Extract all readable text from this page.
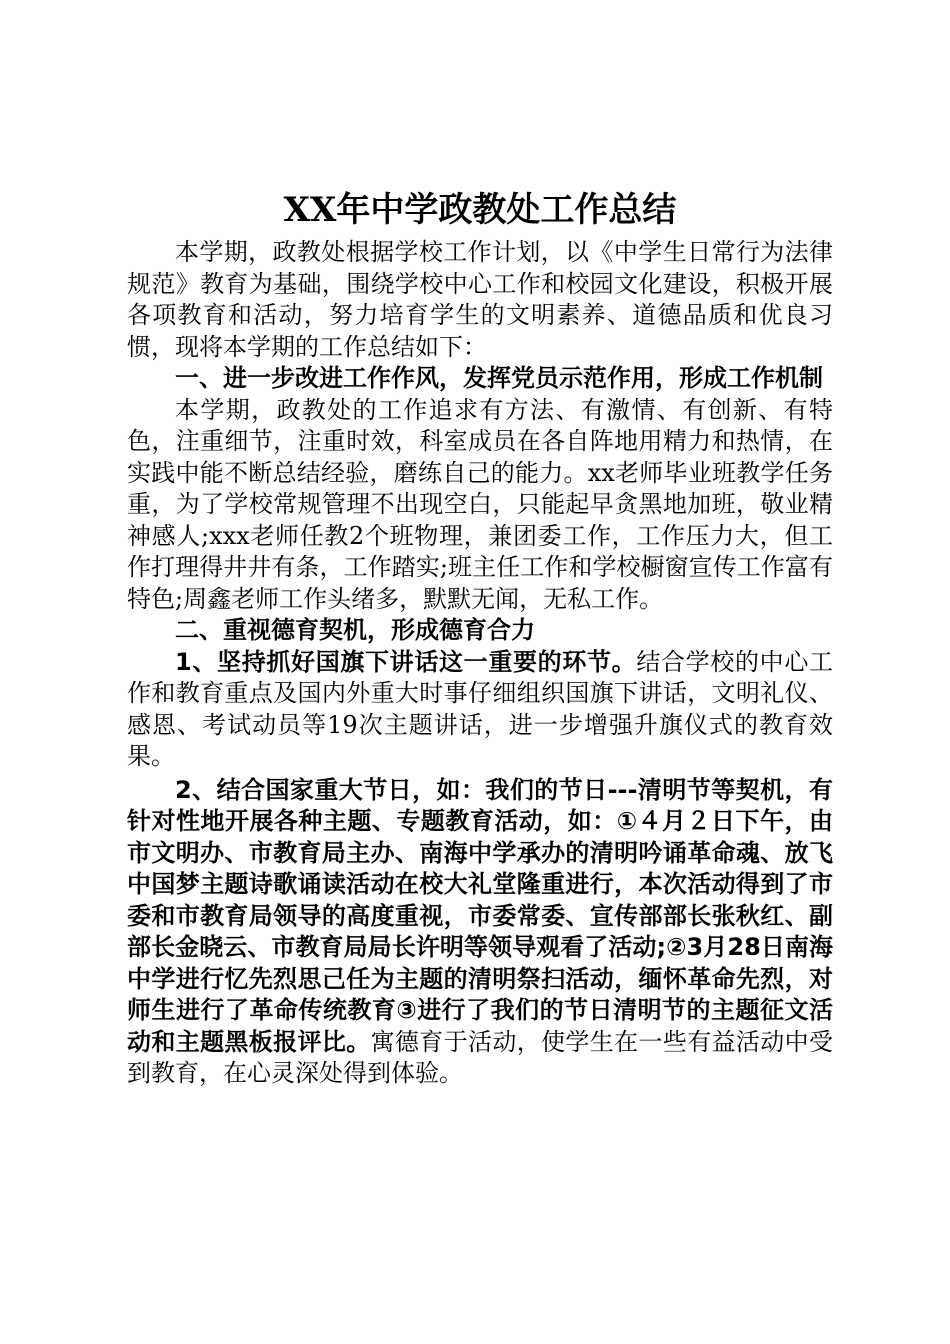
XX年中学政教处工作总结

本学期，政教处根据学校工作计划，以《中学生日常行为法律规范》教育为基础，围绕学校中心工作和校园文化建设，积极开展各项教育和活动，努力培育学生的文明素养、道德品质和优良习惯，现将本学期的工作总结如下：

一、进一步改进工作作风，发挥党员示范作用，形成工作机制

本学期，政教处的工作追求有方法、有激情、有创新、有特色，注重细节，注重时效，科室成员在各自阵地用精力和热情，在实践中能不断总结经验，磨练自己的能力。xx老师毕业班教学任务重，为了学校常规管理不出现空白，只能起早贪黑地加班，敬业精神感人;xxx老师任教2个班物理，兼团委工作，工作压力大，但工作打理得井井有条，工作踏实;班主任工作和学校橱窗宣传工作富有特色;周鑫老师工作头绪多，默默无闻，无私工作。

二、重视德育契机，形成德育合力

1、坚持抓好国旗下讲话这一重要的环节。结合学校的中心工作和教育重点及国内外重大时事仔细组织国旗下讲话，文明礼仪、感恩、考试动员等19次主题讲话，进一步增强升旗仪式的教育效果。

2、结合国家重大节日，如：我们的节日---清明节等契机，有针对性地开展各种主题、专题教育活动，如：①４月２日下午，由市文明办、市教育局主办、南海中学承办的清明吟诵革命魂、放飞中国梦主题诗歌诵读活动在校大礼堂隆重进行，本次活动得到了市委和市教育局领导的高度重视，市委常委、宣传部部长张秋红、副部长金晓云、市教育局局长许明等领导观看了活动;②3月28日南海中学进行忆先烈思己任为主题的清明祭扫活动，缅怀革命先烈，对师生进行了革命传统教育③进行了我们的节日清明节的主题征文活动和主题黑板报评比。寓德育于活动，使学生在一些有益活动中受到教育，在心灵深处得到体验。
